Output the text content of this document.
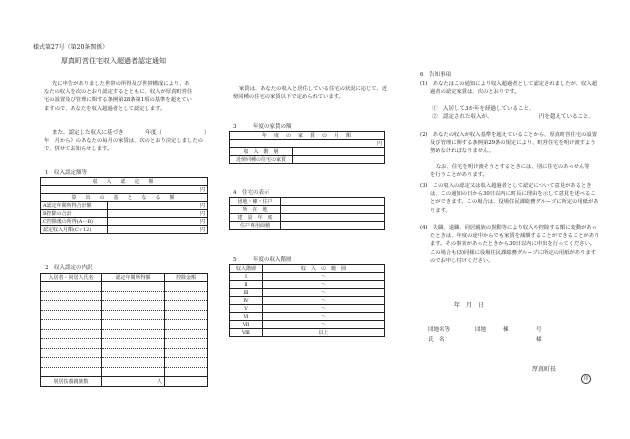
様式第27号（第20条関係）
厚真町営住宅収入超過者認定通知
先に申告がありました世帯の所得及び世帯構成により、あなたの収入を次のとおり認定するとともに、収入が厚真町営住宅の設置及び管理に関する条例第28条第1項の基準を超えていますので、あなたを収入超過者として認定します。
また、認定した収入に基づき　　　　年度（	）
年　月から）のあなたの毎月の家賃は、次のとおり決定しましたので、併せてお知らせします。
1　収入認定額等
収　入　認　定　額	
円	
算　出　の　基　と　な　る　額	
A認定年間所得合計額	円
B控除の合計	円
C控除後の所得(A－B)	円
認定収入月額(C÷12)	円
2　収入認定の内訳
入居者・同居人氏名	認定年間所得額	控除金額

別居扶養親族数	人	
家賃は、あなたの収入と居住している住宅の状況に応じて、近傍同種の住宅の家賃以下で定められています。
3　　　年度の家賃の額
年　度　の　家　賃　の　月　額	
円	
収　入　階　層	
近傍同種の住宅の家賃	
4　住宅の表示
団地・棟・住戸	
所　在　地	
建　設　年　度	
住戸専用面積	
5　　　年度の収入階層
収入階層	収　入　の　範　囲
Ⅰ	～
Ⅱ	～
Ⅲ	～
Ⅳ	～
Ⅴ	～
Ⅵ	～
Ⅶ	～
Ⅷ	以上
6　告知事項
(1)　あなたはこの通知により収入超過者として認定されましたが、収入超過者の認定家賃は、次のとおりです。
①　入居して3か年を経過していること。
②　認定された収入が、	円を超えていること。
(2)　あなたの収入が収入基準を超えていることから、厚真町営住宅の設置及び管理に関する条例第29条の規定により、町営住宅を明け渡すよう努めなければなりません。
なお、住宅を明け渡そうとするときには、別に住宅のあっせん等を行うことがあります。
(3)　この収入の認定又は収入超過者として認定について意見があるときは、この通知の日から30日以内に町長に理由を示して意見を述べることができます。この場合は、役場住民課総務グループに所定の用紙があります。
(4)　失職、退職、同居親族の異動等により収入や控除する額に変動があったときは、年度の途中からでも家賃を減額することができることがあります。その事実があったときから30日以内に申出を行ってください。この場合も(3)同様に役場住民課総務グループに所定の用紙がありますのでお申し付けください。
年　月　日
団地名等	団地	棟	号
氏　名	様
厚真町長
印
